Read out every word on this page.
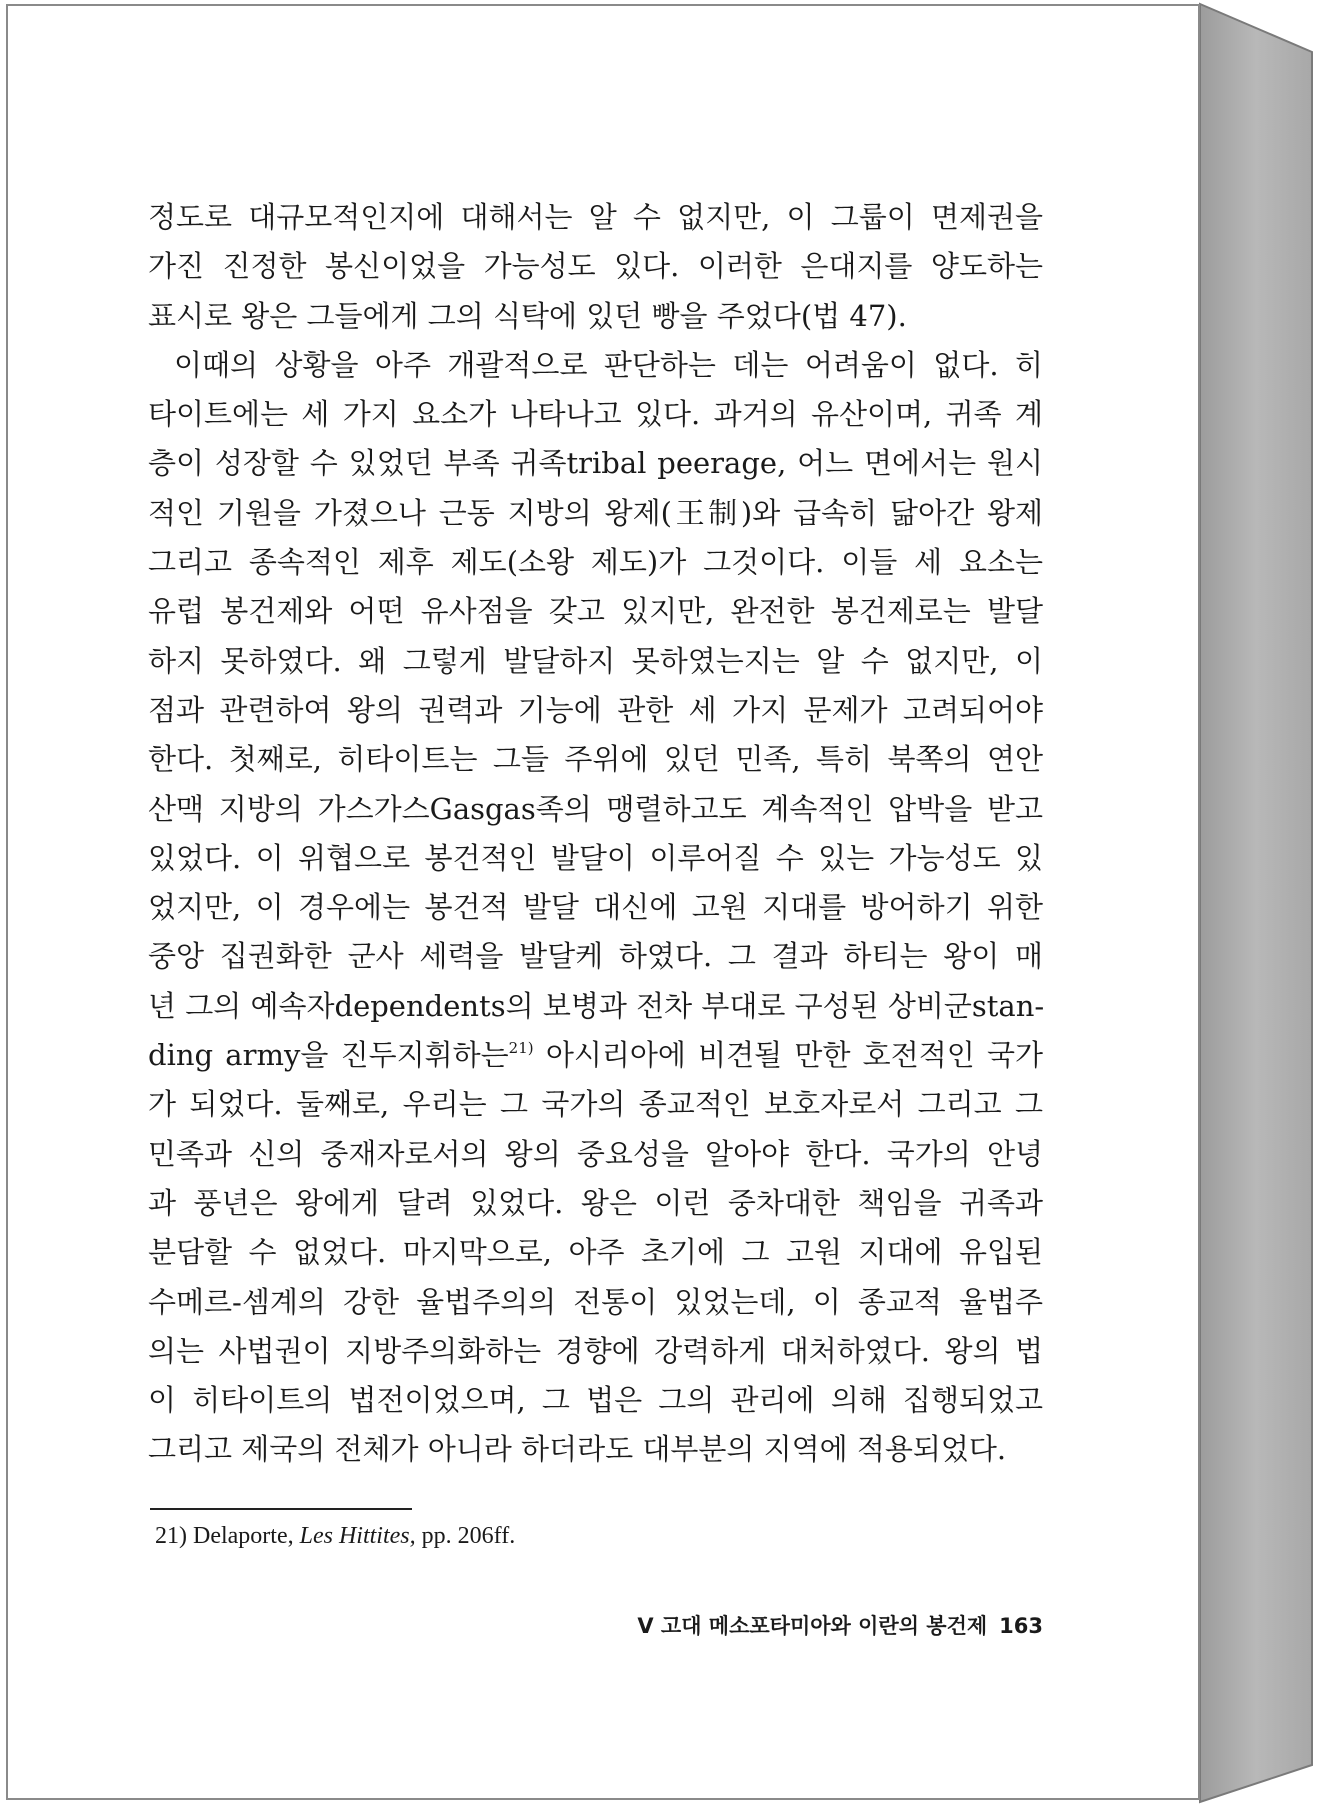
정도로 대규모적인지에 대해서는 알 수 없지만, 이 그룹이 면제권을
가진 진정한 봉신이었을 가능성도 있다. 이러한 은대지를 양도하는
표시로 왕은 그들에게 그의 식탁에 있던 빵을 주었다(법 47).
이때의 상황을 아주 개괄적으로 판단하는 데는 어려움이 없다. 히
타이트에는 세 가지 요소가 나타나고 있다. 과거의 유산이며, 귀족 계
층이 성장할 수 있었던 부족 귀족tribal peerage, 어느 면에서는 원시
적인 기원을 가졌으나 근동 지방의 왕제(王制)와 급속히 닮아간 왕제
그리고 종속적인 제후 제도(소왕 제도)가 그것이다. 이들 세 요소는
유럽 봉건제와 어떤 유사점을 갖고 있지만, 완전한 봉건제로는 발달
하지 못하였다. 왜 그렇게 발달하지 못하였는지는 알 수 없지만, 이
점과 관련하여 왕의 권력과 기능에 관한 세 가지 문제가 고려되어야
한다. 첫째로, 히타이트는 그들 주위에 있던 민족, 특히 북쪽의 연안
산맥 지방의 가스가스Gasgas족의 맹렬하고도 계속적인 압박을 받고
있었다. 이 위협으로 봉건적인 발달이 이루어질 수 있는 가능성도 있
었지만, 이 경우에는 봉건적 발달 대신에 고원 지대를 방어하기 위한
중앙 집권화한 군사 세력을 발달케 하였다. 그 결과 하티는 왕이 매
년 그의 예속자dependents의 보병과 전차 부대로 구성된 상비군stan-
ding army을 진두지휘하는$^{21)}$ 아시리아에 비견될 만한 호전적인 국가
가 되었다. 둘째로, 우리는 그 국가의 종교적인 보호자로서 그리고 그
민족과 신의 중재자로서의 왕의 중요성을 알아야 한다. 국가의 안녕
과 풍년은 왕에게 달려 있었다. 왕은 이런 중차대한 책임을 귀족과
분담할 수 없었다. 마지막으로, 아주 초기에 그 고원 지대에 유입된
수메르-셈계의 강한 율법주의의 전통이 있었는데, 이 종교적 율법주
의는 사법권이 지방주의화하는 경향에 강력하게 대처하였다. 왕의 법
이 히타이트의 법전이었으며, 그 법은 그의 관리에 의해 집행되었고
그리고 제국의 전체가 아니라 하더라도 대부분의 지역에 적용되었다.
21) Delaporte, Les Hittites, pp. 206ff.
V 고대 메소포타미아와 이란의 봉건제 163
